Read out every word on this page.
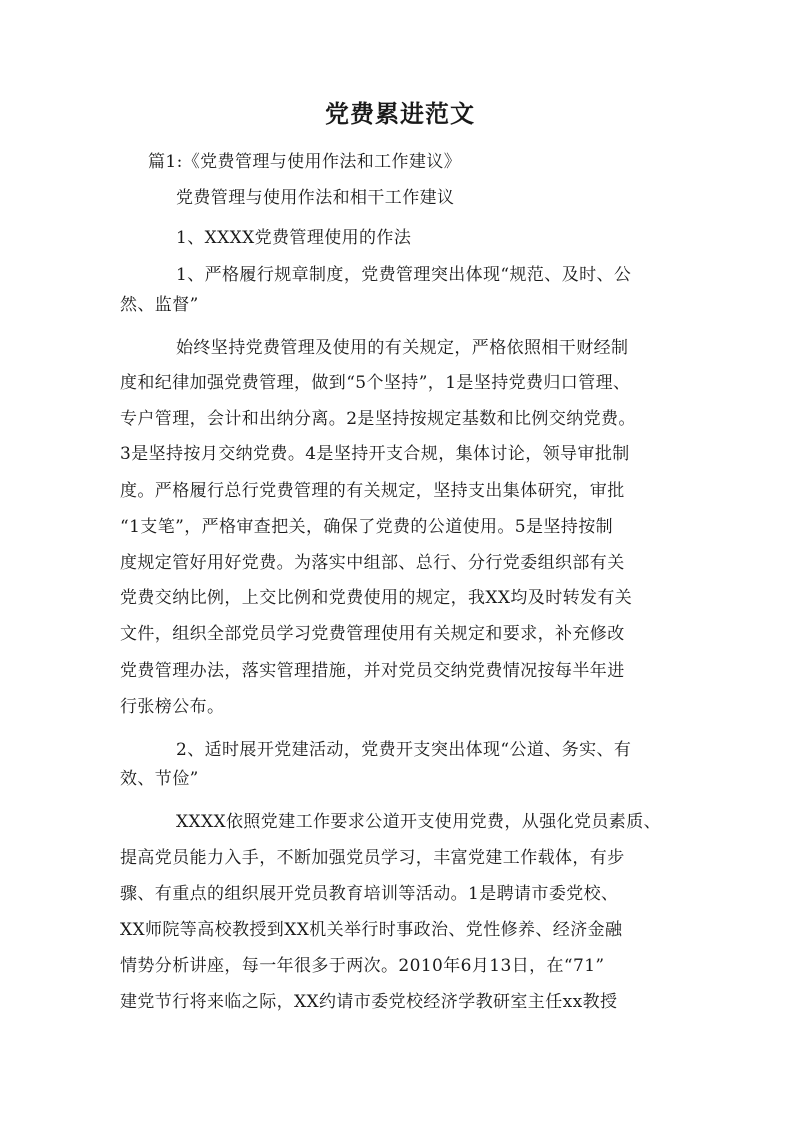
党费累进范文
篇1:《党费管理与使用作法和工作建议》
党费管理与使用作法和相干工作建议
1、XXXX党费管理使用的作法
1、严格履行规章制度，党费管理突出体现“规范、及时、公
然、监督”
始终坚持党费管理及使用的有关规定，严格依照相干财经制
度和纪律加强党费管理，做到“5个坚持”，1是坚持党费归口管理、
专户管理，会计和出纳分离。2是坚持按规定基数和比例交纳党费。
3是坚持按月交纳党费。4是坚持开支合规，集体讨论，领导审批制
度。严格履行总行党费管理的有关规定，坚持支出集体研究，审批
“1支笔”，严格审查把关，确保了党费的公道使用。5是坚持按制
度规定管好用好党费。为落实中组部、总行、分行党委组织部有关
党费交纳比例，上交比例和党费使用的规定，我XX均及时转发有关
文件，组织全部党员学习党费管理使用有关规定和要求，补充修改
党费管理办法，落实管理措施，并对党员交纳党费情况按每半年进
行张榜公布。
2、适时展开党建活动，党费开支突出体现“公道、务实、有
效、节俭”
XXXX依照党建工作要求公道开支使用党费，从强化党员素质、
提高党员能力入手，不断加强党员学习，丰富党建工作载体，有步
骤、有重点的组织展开党员教育培训等活动。1是聘请市委党校、
XX师院等高校教授到XX机关举行时事政治、党性修养、经济金融
情势分析讲座，每一年很多于两次。2010年6月13日，在“71”
建党节行将来临之际，XX约请市委党校经济学教研室主任xx教授
